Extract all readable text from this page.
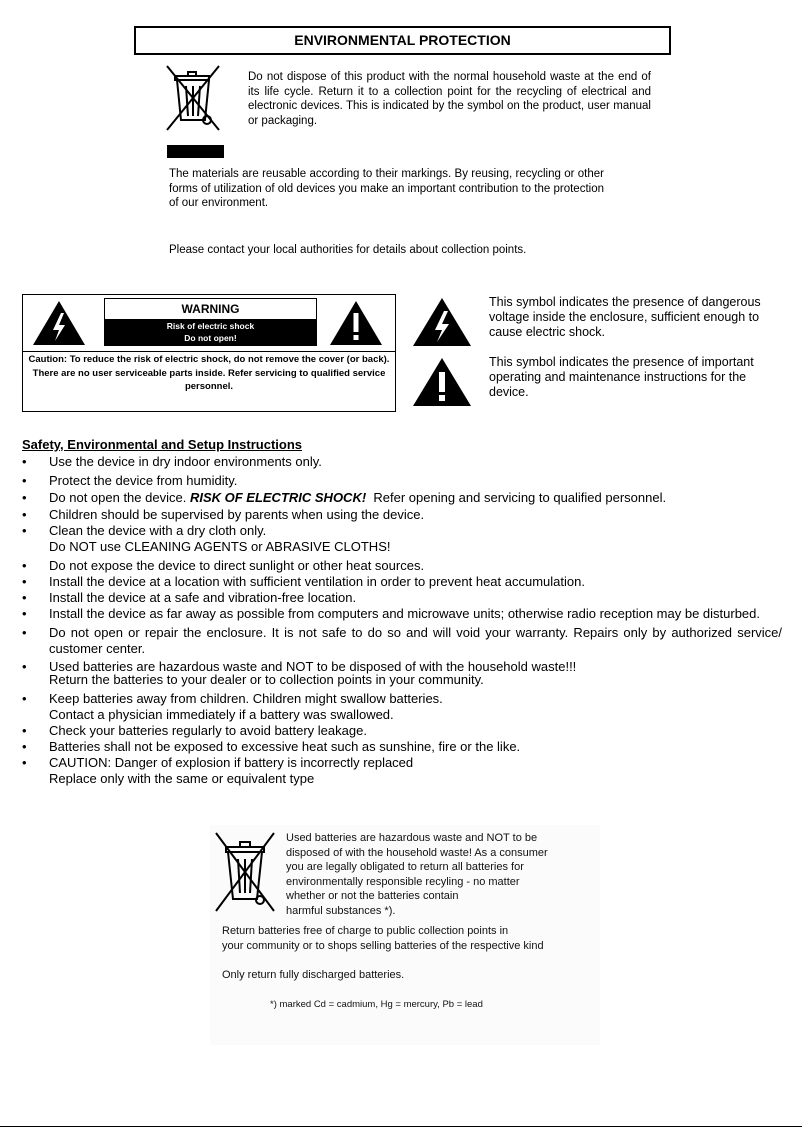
ENVIRONMENTAL PROTECTION
Do not dispose of this product with the normal household waste at the end of its life cycle. Return it to a collection point for the recycling of electrical and electronic devices. This is indicated by the symbol on the product, user manual or packaging.
The materials are reusable according to their markings. By reusing, recycling or other forms of utilization of old devices you make an important contribution to the protection of our environment.
Please contact your local authorities for details about collection points.
WARNING
Risk of electric shock
Do not open!
Caution: To reduce the risk of electric shock, do not remove the cover (or back). There are no user serviceable parts inside. Refer servicing to qualified service personnel.
This symbol indicates the presence of dangerous voltage inside the enclosure, sufficient enough to cause electric shock.
This symbol indicates the presence of important operating and maintenance instructions for the device.
Safety, Environmental and Setup Instructions
• Use the device in dry indoor environments only.
• Protect the device from humidity.
• Do not open the device. RISK OF ELECTRIC SHOCK!  Refer opening and servicing to qualified personnel.
• Children should be supervised by parents when using the device.
• Clean the device with a dry cloth only.
Do NOT use CLEANING AGENTS or ABRASIVE CLOTHS!
• Do not expose the device to direct sunlight or other heat sources.
• Install the device at a location with sufficient ventilation in order to prevent heat accumulation.
• Install the device at a safe and vibration-free location.
• Install the device as far away as possible from computers and microwave units; otherwise radio reception may be disturbed.
• Do not open or repair the enclosure. It is not safe to do so and will void your warranty. Repairs only by authorized service/ customer center.
• Used batteries are hazardous waste and NOT to be disposed of with the household waste!!!
Return the batteries to your dealer or to collection points in your community.
• Keep batteries away from children. Children might swallow batteries.
Contact a physician immediately if a battery was swallowed.
• Check your batteries regularly to avoid battery leakage.
• Batteries shall not be exposed to excessive heat such as sunshine, fire or the like.
• CAUTION: Danger of explosion if battery is incorrectly replaced
Replace only with the same or equivalent type
Used batteries are hazardous waste and NOT to be
disposed of with the household waste! As a consumer
you are legally obligated to return all batteries for
environmentally responsible recyling - no matter
whether or not the batteries contain
harmful substances *).
Return batteries free of charge to public collection points in
your community or to shops selling batteries of the respective kind
Only return fully discharged batteries.
*) marked Cd = cadmium, Hg = mercury, Pb = lead
